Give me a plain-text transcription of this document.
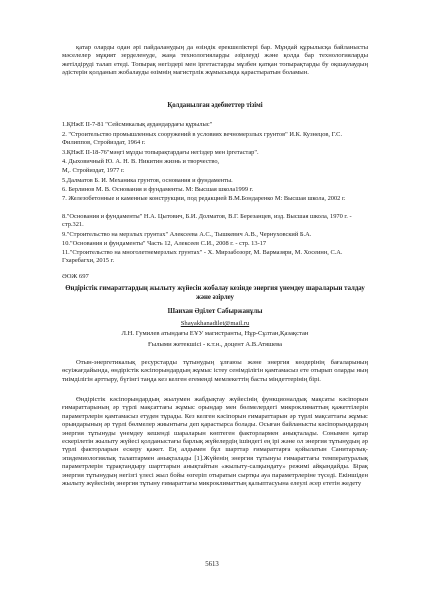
қатар оларды одан әрі пайдаланудың да өзіндік ерекшеліктері бар. Мұндай құрылысқа байланысты мәселелер мұқият зерделенуде, жаңа технологияларды әзірлеуді және қолда бар технологияларды жетілдіруді талап етеді. Топырақ негіздері мен іргетастарды мұзбен қатқан топырақтарды бу оқшаулаудың әдістерін қолданып жобалауды өзімнің магистрлік жұмысымда қарастыратын боламын.
Қолданылған әдебиеттер тізімі
1.ҚНжЕ II-7-81 "Сейсмикалық аудандардағы құрылыс"
2. "Строительство промышленных сооружений в условиях вечномерзлых грунтов" И.К. Кузнецов, Г.С. Филиппов, Стройиздат, 1964 г.
3.ҚНжЕ II-18-76"мәңгі мұзды топырақтардағы негіздер мен іргетастар".
4. Дыховичный Ю. А. Н. В. Никитин жизнь и творчество,
М,. Стройиздат, 1977 г.
5.Далматов Б. И. Механика грунтов, основания и фундаменты.
6. Берлинов М. В. Основания и фундаменты. М: Высшая школа1999 г.
7. Железобетонные и каменные конструкции, под редакцией В.М.Бондаренко М: Высшая школа, 2002 г.
8."Основания и фундаменты" Н.А. Цытович, Б.И. Долматов, В.Г. Березанцев, изд. Высшая школа, 1970 г. - стр.321.
9."Строительство на мерзлых грунтах" Алексеева А.С., Тышкевич А.В., Чернуховский Б.А.
10."Основания и фундаменты" Часть 12, Алексеев С.И., 2008 г. - стр. 13-17
11."Строительство на многолетнемерзлых грунтах" - Х. Мирзабозорг, М. Вармазяри, М. Хосеинн, С.А. Гхаребагхи, 2015 г.
ӘОЖ 697
Өндірістік ғимараттардың жылыту жүйесін жобалау кезінде энергия үнемдеу шараларын талдау және әзірлеу
Шаихан Әділет Сабыржанұлы
Shayakhanadilet@mail.ru
Л.Н. Гумилев атындағы ЕҰУ магистранты, Нұр-Сұлтан,Қазақстан
Ғылыми жетекшісі - к.т.н., доцент А.В.Атяшева
Отын-энергетикалық ресурстарды тұтынудың ұлғаюы және энергия көздерінің бағаларының өсуіжағдайында, өндірістік кәсіпорындардың жұмыс істеу сенімділігін қамтамасыз ете отырып оларды ның тиімділігін арттыру, бүгінгі таңда кез келген егеменді мемлекеттің басты міндеттерінің бірі.
Өндірістік кәсіпорындардың жылумен жабдықтау жүйесінің функционалдық мақсаты кәсіпорын ғимараттарының әр түрлі мақсаттағы жұмыс орындар мен бөлмелердегі микроклиматтың қажеттілерін параметрлерін қамтамасыз етуден тұрады. Кез келген кәсіпорын ғимараттарын әр түрлі мақсаттағы жұмыс орындарының әр түрлі бөлмелер жиынтығы деп қарастырса болады. Осыған байланысты кәсіпорындардың энергия тұтынуды үнемдеу кешенді шараларын көптеген факторлармен анықталады. Сонымен қатар ескерілетін жылыту жүйесі қолданыстағы барлық жүйелердің ішіндегі ең ірі және ол энергия тұтынудың әр түрлі факторларын ескеру қажет. Ең алдымен бұл шарттар ғимараттарға қойылатын Санитарлық-эпидемиологиялық талаптармен анықталады [1].Жүйенің энергия тұтынуы ғимараттағы температуралық параметрлерін тұрақтандыру шарттарын анықтайтын «жылыту-салқындату» режимі айқындайды. Бірақ энергия тұтынудың негізгі үлесі жыл бойы өзгеріп отыратын сыртқы ауа параметрлеріне түседі. Екіншіден жылыту жүйесінің энергия тұтыну ғимараттағы микроклиматтың қалыптасуына елеулі әсер ететін жедету
5613
